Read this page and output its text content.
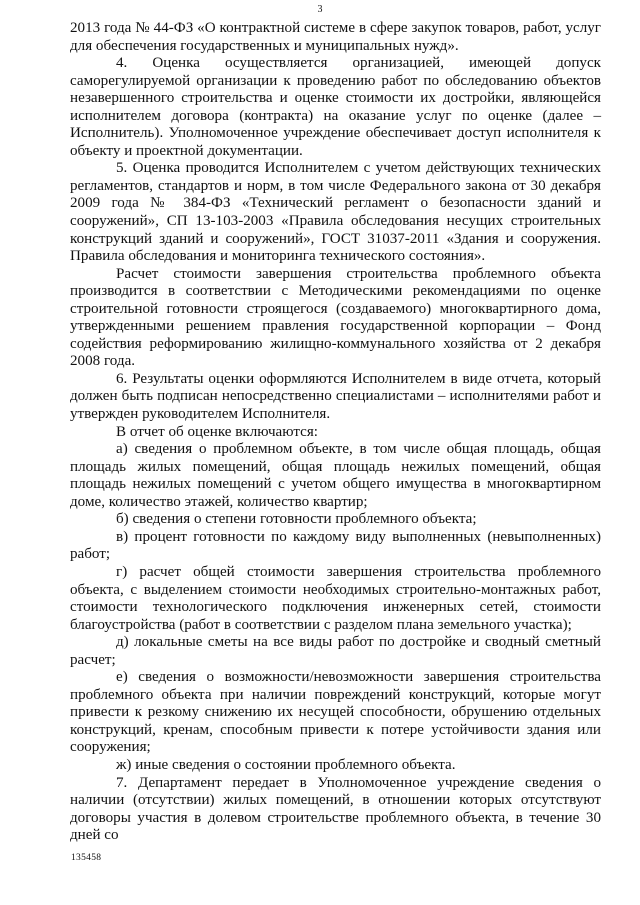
3

2013 года № 44-ФЗ «О контрактной системе в сфере закупок товаров, работ, услуг для обеспечения государственных и муниципальных нужд».

4. Оценка осуществляется организацией, имеющей допуск саморегулируемой организации к проведению работ по обследованию объектов незавершенного строительства и оценке стоимости их достройки, являющейся исполнителем договора (контракта) на оказание услуг по оценке (далее – Исполнитель). Уполномоченное учреждение обеспечивает доступ исполнителя к объекту и проектной документации.

5. Оценка проводится Исполнителем с учетом действующих технических регламентов, стандартов и норм, в том числе Федерального закона от 30 декабря 2009 года № 384-ФЗ «Технический регламент о безопасности зданий и сооружений», СП 13-103-2003 «Правила обследования несущих строительных конструкций зданий и сооружений», ГОСТ 31037-2011 «Здания и сооружения. Правила обследования и мониторинга технического состояния».

Расчет стоимости завершения строительства проблемного объекта производится в соответствии с Методическими рекомендациями по оценке строительной готовности строящегося (создаваемого) многоквартирного дома, утвержденными решением правления государственной корпорации – Фонд содействия реформированию жилищно-коммунального хозяйства от 2 декабря 2008 года.

6. Результаты оценки оформляются Исполнителем в виде отчета, который должен быть подписан непосредственно специалистами – исполнителями работ и утвержден руководителем Исполнителя.

В отчет об оценке включаются:

а) сведения о проблемном объекте, в том числе общая площадь, общая площадь жилых помещений, общая площадь нежилых помещений, общая площадь нежилых помещений с учетом общего имущества в многоквартирном доме, количество этажей, количество квартир;

б) сведения о степени готовности проблемного объекта;

в) процент готовности по каждому виду выполненных (невыполненных) работ;

г) расчет общей стоимости завершения строительства проблемного объекта, с выделением стоимости необходимых строительно-монтажных работ, стоимости технологического подключения инженерных сетей, стоимости благоустройства (работ в соответствии с разделом плана земельного участка);

д) локальные сметы на все виды работ по достройке и сводный сметный расчет;

е) сведения о возможности/невозможности завершения строительства проблемного объекта при наличии повреждений конструкций, которые могут привести к резкому снижению их несущей способности, обрушению отдельных конструкций, кренам, способным привести к потере устойчивости здания или сооружения;

ж) иные сведения о состоянии проблемного объекта.

7. Департамент передает в Уполномоченное учреждение сведения о наличии (отсутствии) жилых помещений, в отношении которых отсутствуют договоры участия в долевом строительстве проблемного объекта, в течение 30 дней со

135458
